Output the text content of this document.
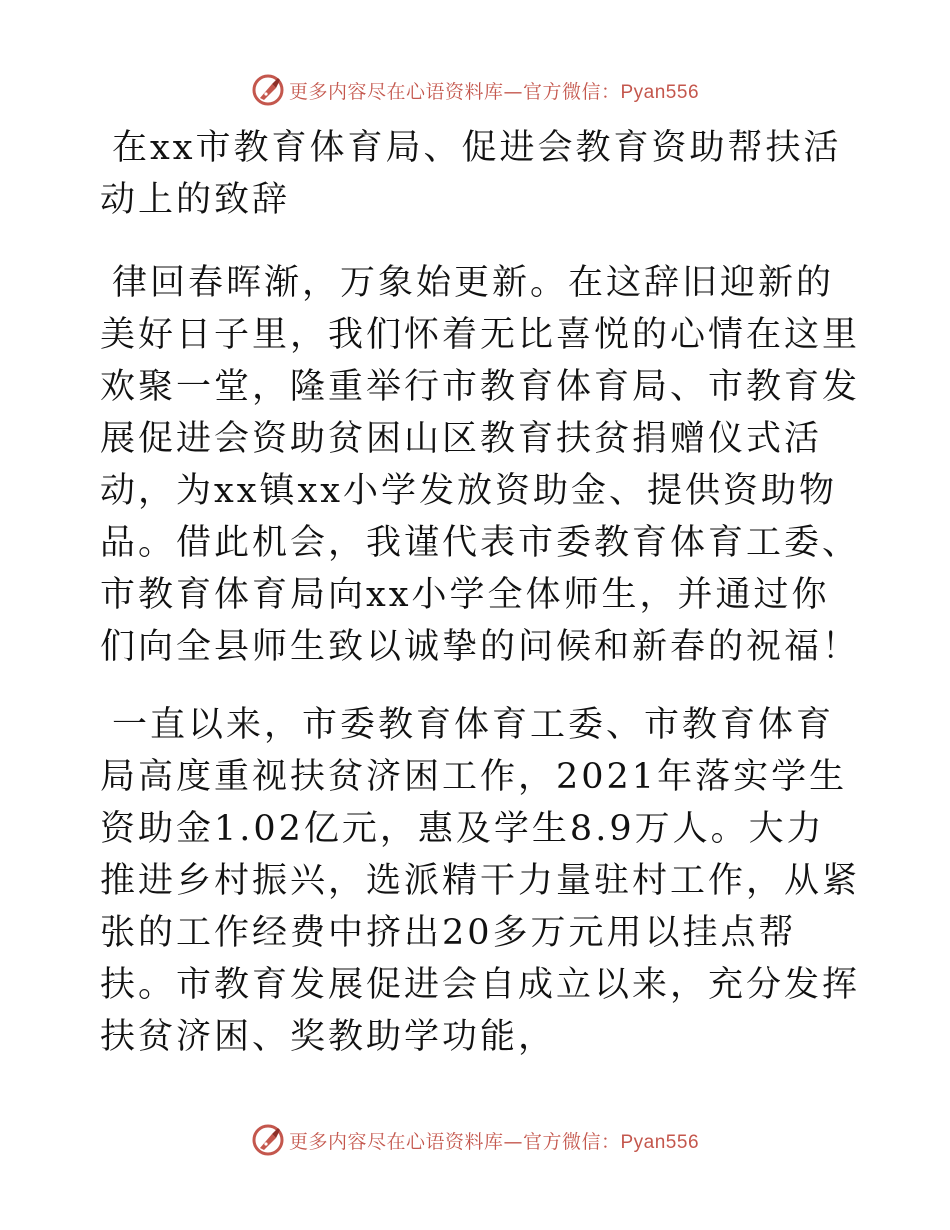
更多内容尽在心语资料库—官方微信：Pyan556
在xx市教育体育局、促进会教育资助帮扶活动上的致辞

律回春晖渐，万象始更新。在这辞旧迎新的美好日子里，我们怀着无比喜悦的心情在这里欢聚一堂，隆重举行市教育体育局、市教育发展促进会资助贫困山区教育扶贫捐赠仪式活动，为xx镇xx小学发放资助金、提供资助物品。借此机会，我谨代表市委教育体育工委、市教育体育局向xx小学全体师生，并通过你们向全县师生致以诚挚的问候和新春的祝福！

一直以来，市委教育体育工委、市教育体育局高度重视扶贫济困工作，2021年落实学生资助金1.02亿元，惠及学生8.9万人。大力推进乡村振兴，选派精干力量驻村工作，从紧张的工作经费中挤出20多万元用以挂点帮扶。市教育发展促进会自成立以来，充分发挥扶贫济困、奖教助学功能，

更多内容尽在心语资料库—官方微信：Pyan556
